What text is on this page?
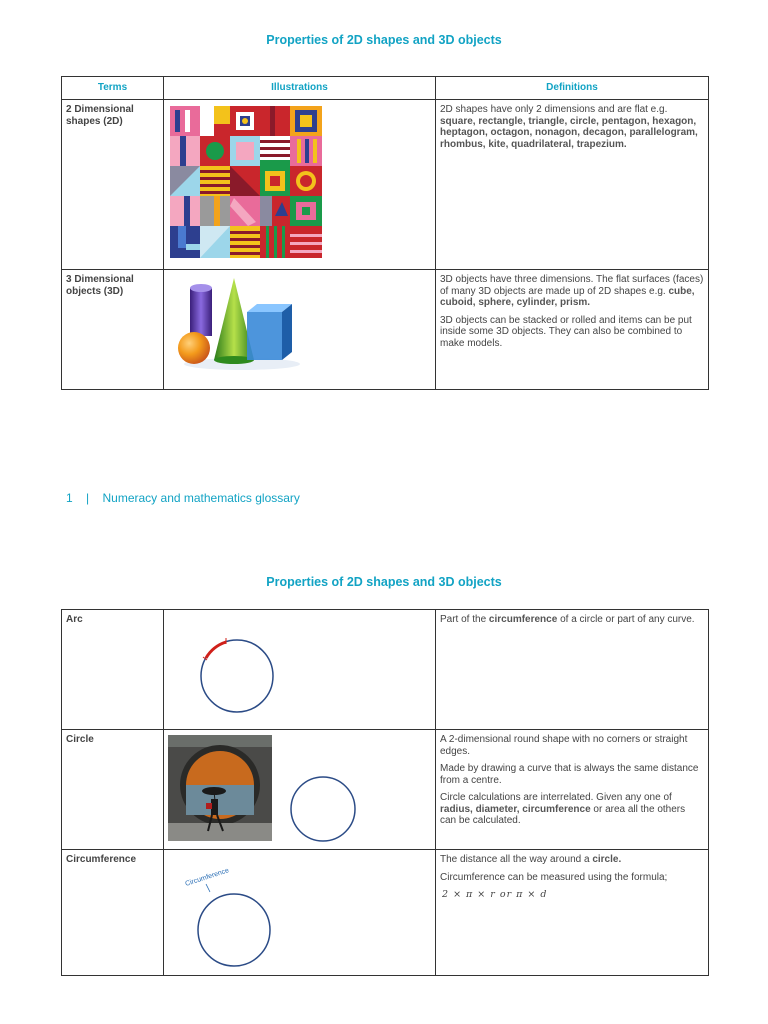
Properties of 2D shapes and 3D objects
Terms	Illustrations	Definitions
2 Dimensional shapes (2D)		2D shapes have only 2 dimensions and are flat e.g. square, rectangle, triangle, circle, pentagon, hexagon, heptagon, octagon, nonagon, decagon, parallelogram, rhombus, kite, quadrilateral, trapezium.

3 Dimensional objects (3D)		3D objects have three dimensions. The flat surfaces (faces) of many 3D objects are made up of 2D shapes e.g. cube, cuboid, sphere, cylinder, prism.

3D objects can be stacked or rolled and items can be put inside some 3D objects. They can also be combined to make models.

1 | Numeracy and mathematics glossary
Properties of 2D shapes and 3D objects
Arc		Part of the circumference of a circle or part of any curve.

Circle		A 2-dimensional round shape with no corners or straight edges.

Made by drawing a curve that is always the same distance from a centre.

Circle calculations are interrelated. Given any one of radius, diameter, circumference or area all the others can be calculated.

Circumference	Circumference	The distance all the way around a circle.

Circumference can be measured using the formula;

2 × π × r or π × d
